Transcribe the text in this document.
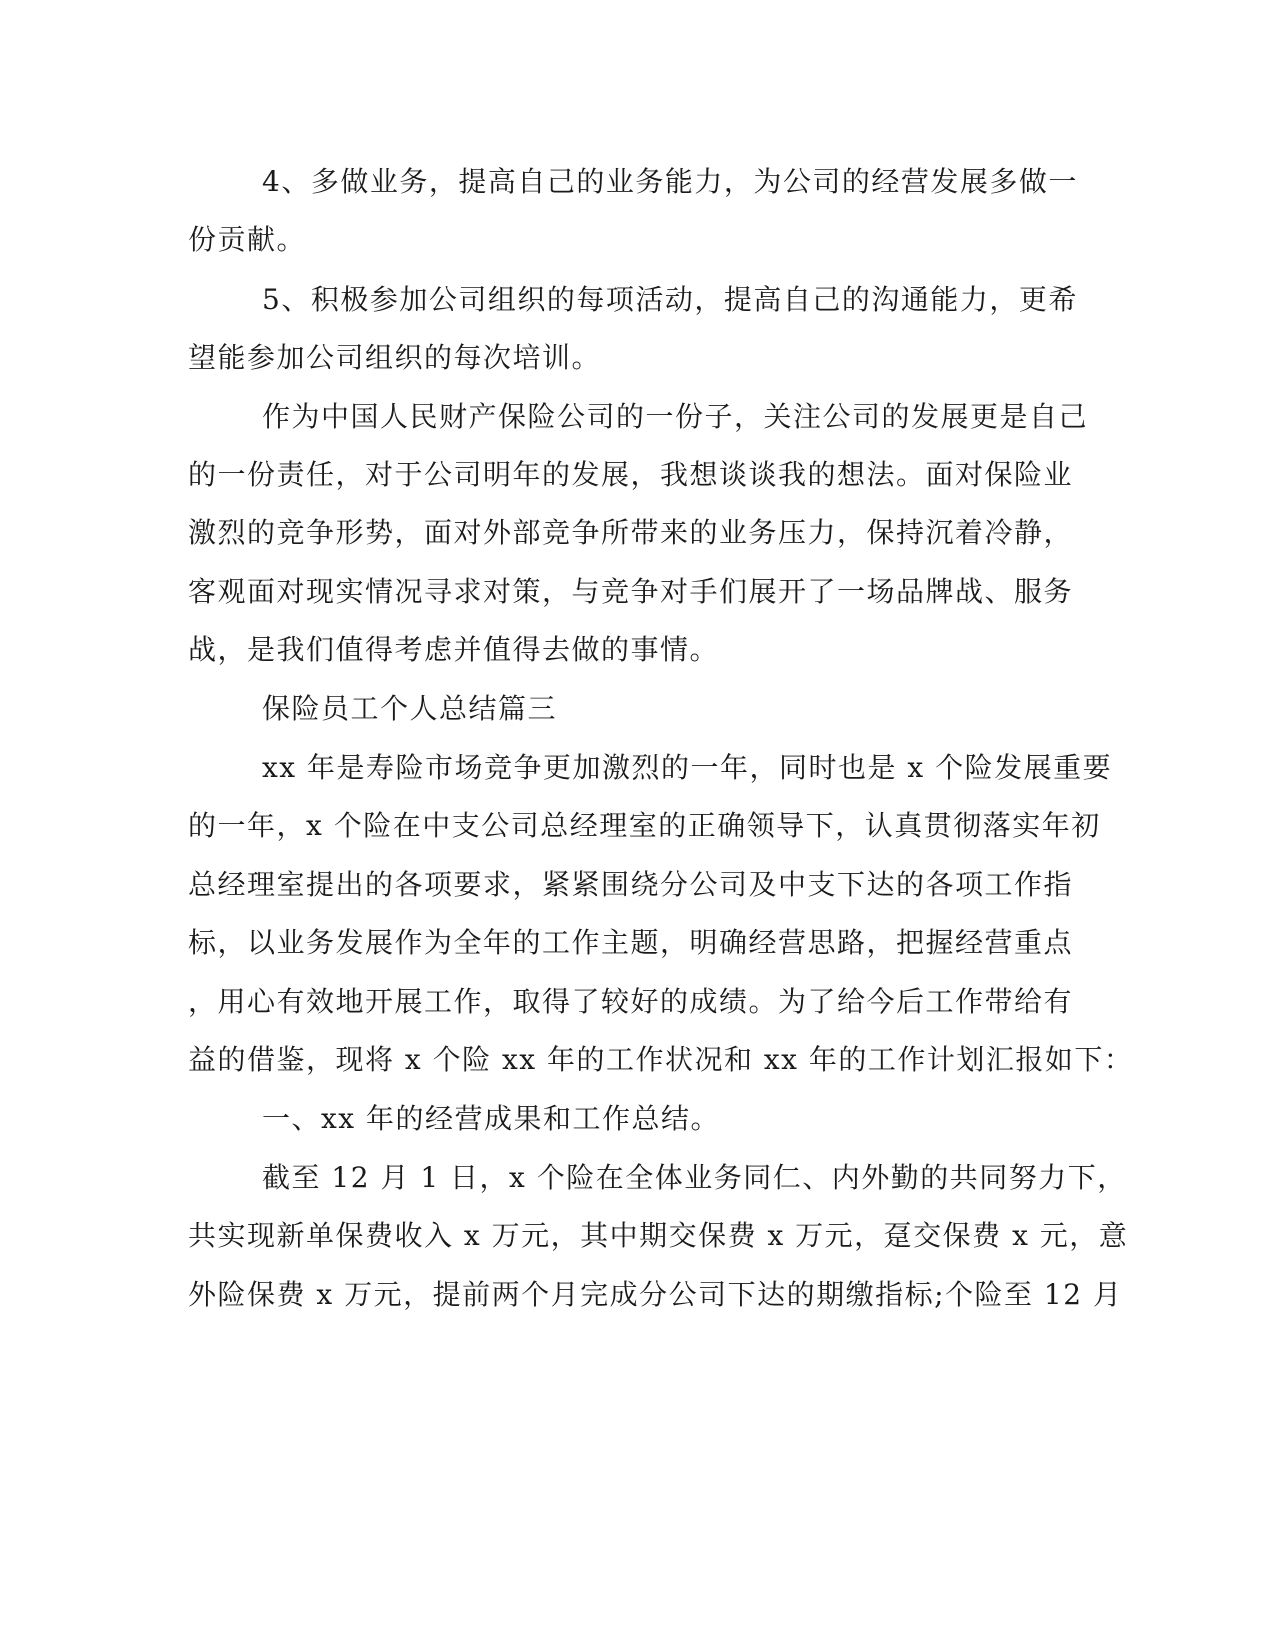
4、多做业务，提高自己的业务能力，为公司的经营发展多做一
份贡献。
5、积极参加公司组织的每项活动，提高自己的沟通能力，更希
望能参加公司组织的每次培训。
作为中国人民财产保险公司的一份子，关注公司的发展更是自己
的一份责任，对于公司明年的发展，我想谈谈我的想法。面对保险业
激烈的竞争形势，面对外部竞争所带来的业务压力，保持沉着冷静，
客观面对现实情况寻求对策，与竞争对手们展开了一场品牌战、服务
战，是我们值得考虑并值得去做的事情。
保险员工个人总结篇三
xx 年是寿险市场竞争更加激烈的一年，同时也是 x 个险发展重要
的一年，x 个险在中支公司总经理室的正确领导下，认真贯彻落实年初
总经理室提出的各项要求，紧紧围绕分公司及中支下达的各项工作指
标，以业务发展作为全年的工作主题，明确经营思路，把握经营重点
，用心有效地开展工作，取得了较好的成绩。为了给今后工作带给有
益的借鉴，现将 x 个险 xx 年的工作状况和 xx 年的工作计划汇报如下：
一、xx 年的经营成果和工作总结。
截至 12 月 1 日，x 个险在全体业务同仁、内外勤的共同努力下，
共实现新单保费收入 x 万元，其中期交保费 x 万元，趸交保费 x 元，意
外险保费 x 万元，提前两个月完成分公司下达的期缴指标;个险至 12 月
